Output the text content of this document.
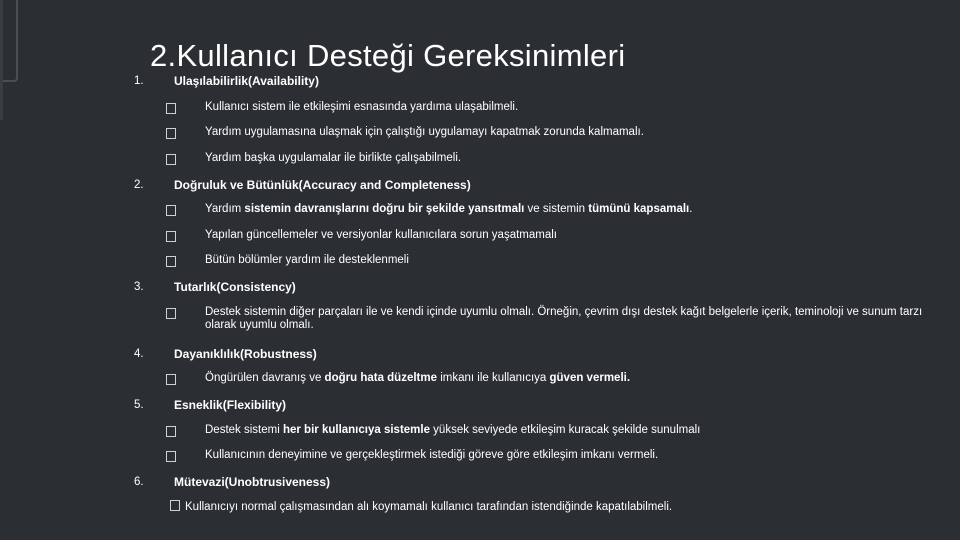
2.Kullanıcı Desteği Gereksinimleri
1.	Ulaşılabilirlik(Availability)
Kullanıcı sistem ile etkileşimi esnasında yardıma ulaşabilmeli.
Yardım uygulamasına ulaşmak için çalıştığı uygulamayı kapatmak zorunda kalmamalı.
Yardım başka uygulamalar ile birlikte çalışabilmeli.
2.	Doğruluk ve Bütünlük(Accuracy and Completeness)
Yardım sistemin davranışlarını doğru bir şekilde yansıtmalı ve sistemin tümünü kapsamalı.
Yapılan güncellemeler ve versiyonlar kullanıcılara sorun yaşatmamalı
Bütün bölümler yardım ile desteklenmeli
3.	Tutarlık(Consistency)
Destek sistemin diğer parçaları ile ve kendi içinde uyumlu olmalı. Örneğin, çevrim dışı destek kağıt belgelerle içerik, teminoloji ve sunum tarzı olarak uyumlu olmalı.
4.	Dayanıklılık(Robustness)
Öngürülen davranış ve doğru hata düzeltme imkanı ile kullanıcıya güven vermeli.
5.	Esneklik(Flexibility)
Destek sistemi her bir kullanıcıya sistemle yüksek seviyede etkileşim kuracak şekilde sunulmalı
Kullanıcının deneyimine ve gerçekleştirmek istediği göreve göre etkileşim imkanı vermeli.
6.	Mütevazi(Unobtrusiveness)
Kullanıcıyı normal çalışmasından alı koymamalı kullanıcı tarafından istendiğinde kapatılabilmeli.
